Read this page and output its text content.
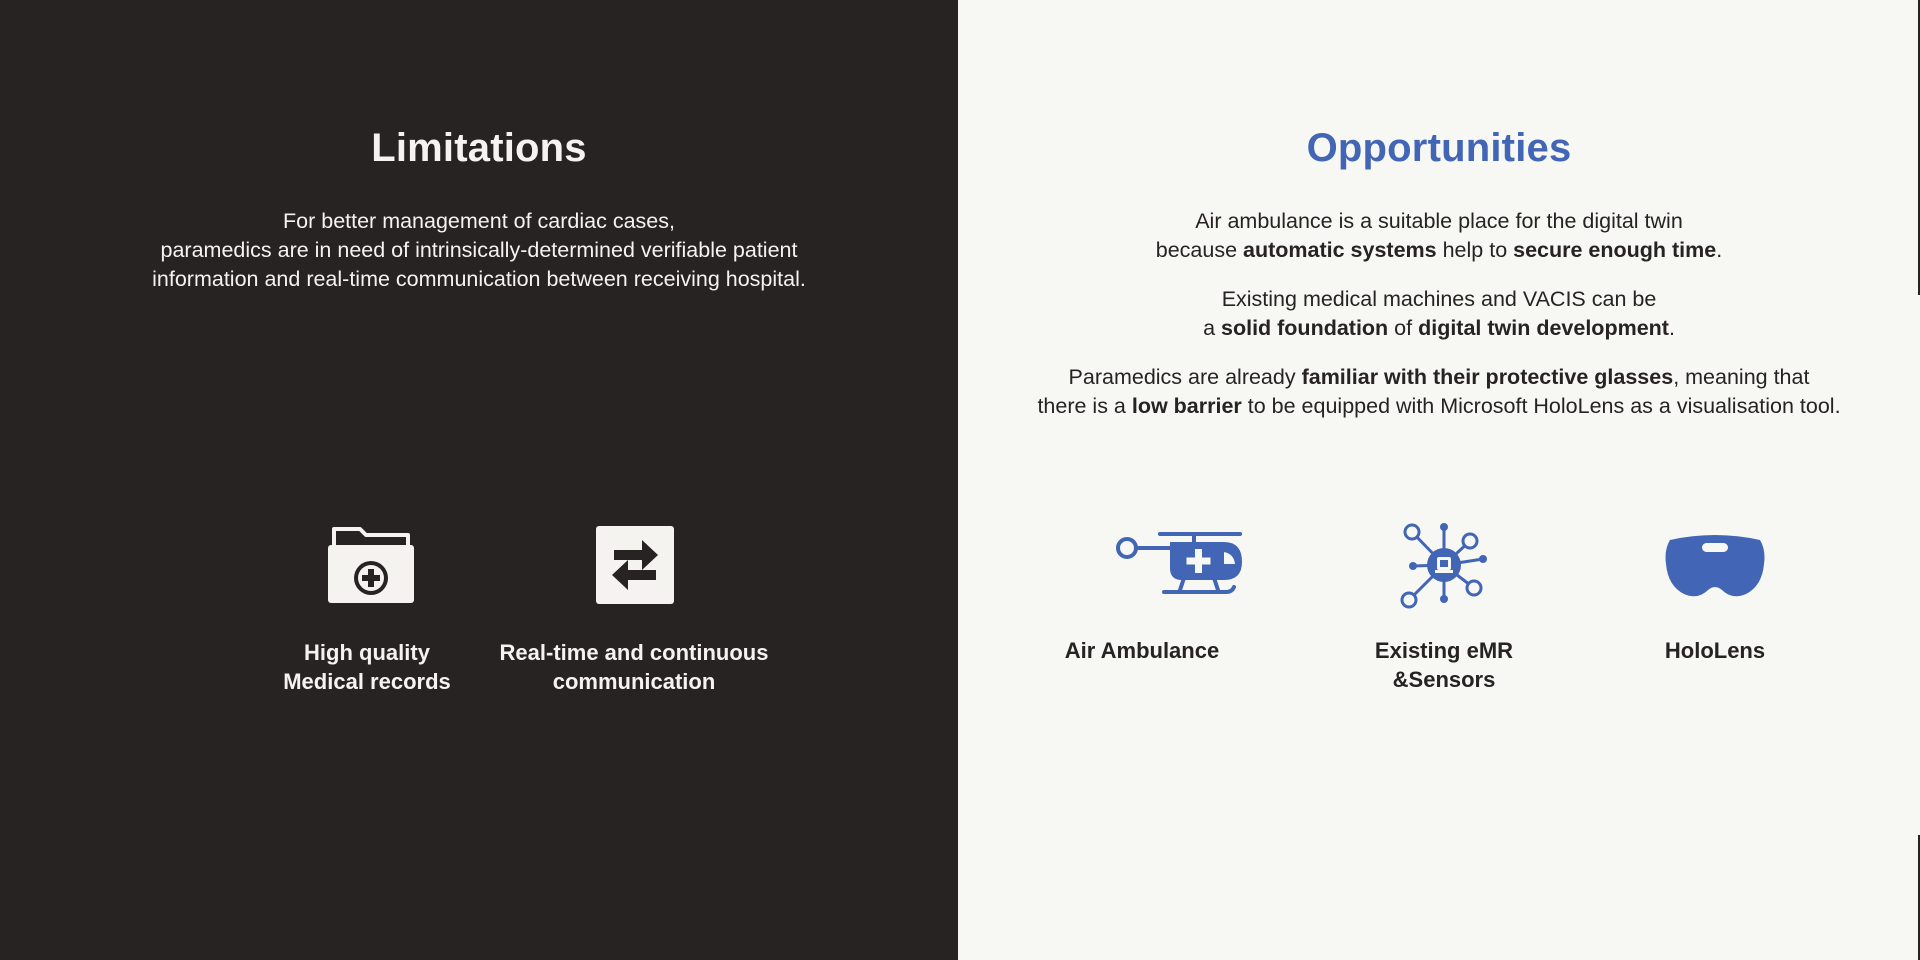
Limitations
For better management of cardiac cases,
paramedics are in need of intrinsically-determined verifiable patient
information and real-time communication between receiving hospital.
High quality
Medical records
Real-time and continuous
communication
Opportunities

Air ambulance is a suitable place for the digital twin
because automatic systems help to secure enough time.

Existing medical machines and VACIS can be
a solid foundation of digital twin development.

Paramedics are already familiar with their protective glasses, meaning that
there is a low barrier to be equipped with Microsoft HoloLens as a visualisation tool.

Air Ambulance	Existing eMR
&Sensors
HoloLens
